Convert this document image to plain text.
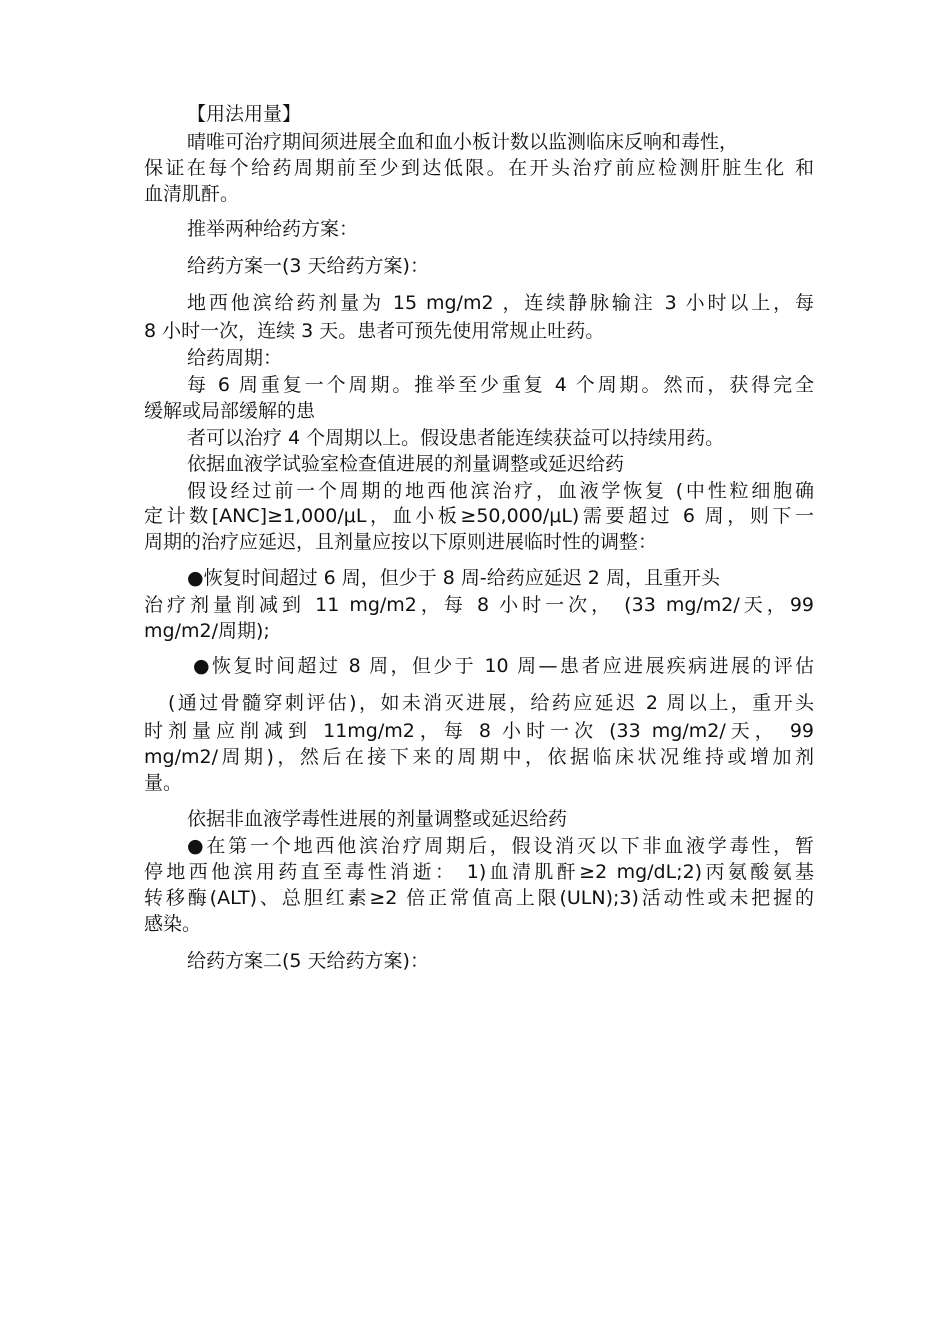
【用法用量】

晴唯可治疗期间须进展全血和血小板计数以监测临床反响和毒性，

保证在每个给药周期前至少到达低限。在开头治疗前应检测肝脏生化 和

血清肌酐。

推举两种给药方案：

给药方案一(3 天给药方案)：

地西他滨给药剂量为 15 mg/m2 ，连续静脉输注 3 小时以上，每

8 小时一次，连续 3 天。患者可预先使用常规止吐药。

给药周期：

每 6 周重复一个周期。推举至少重复 4 个周期。然而，获得完全

缓解或局部缓解的患

者可以治疗 4 个周期以上。假设患者能连续获益可以持续用药。

依据血液学试验室检查值进展的剂量调整或延迟给药

假设经过前一个周期的地西他滨治疗，血液学恢复 (中性粒细胞确

定计数[ANC]≥1,000/μL，血小板≥50,000/μL)需要超过 6 周，则下一

周期的治疗应延迟，且剂量应按以下原则进展临时性的调整：

●恢复时间超过 6 周，但少于 8 周-给药应延迟 2 周，且重开头

治疗剂量削减到 11 mg/m2，每 8 小时一次， (33 mg/m2/天，99

mg/m2/周期);

●恢复时间超过 8 周，但少于 10 周—患者应进展疾病进展的评估

(通过骨髓穿刺评估)，如未消灭进展，给药应延迟 2 周以上，重开头

时剂量应削减到 11mg/m2，每 8 小时一次 (33 mg/m2/天， 99

mg/m2/周期)，然后在接下来的周期中，依据临床状况维持或增加剂

量。

依据非血液学毒性进展的剂量调整或延迟给药

●在第一个地西他滨治疗周期后，假设消灭以下非血液学毒性，暂

停地西他滨用药直至毒性消逝： 1)血清肌酐≥2 mg/dL;2)丙氨酸氨基

转移酶(ALT)、总胆红素≥2 倍正常值高上限(ULN);3)活动性或未把握的

感染。

给药方案二(5 天给药方案)：
